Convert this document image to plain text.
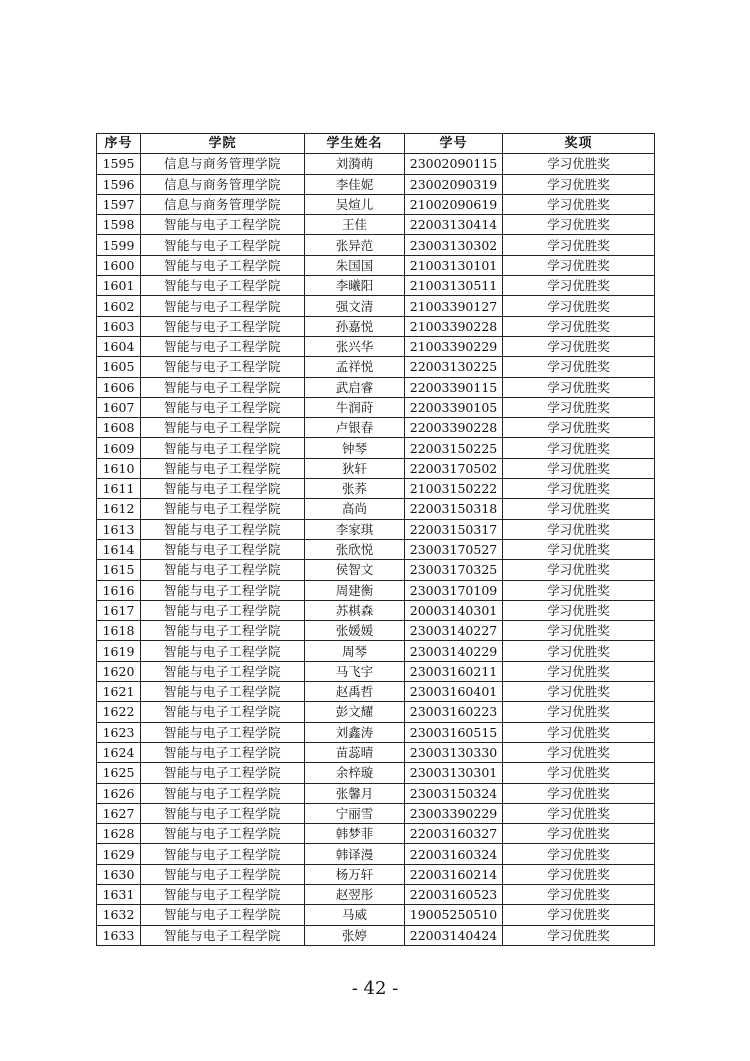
序号	学院	学生姓名	学号	奖项
1595	信息与商务管理学院	刘漪萌	23002090115	学习优胜奖
1596	信息与商务管理学院	李佳妮	23002090319	学习优胜奖
1597	信息与商务管理学院	吴煊儿	21002090619	学习优胜奖
1598	智能与电子工程学院	王佳	22003130414	学习优胜奖
1599	智能与电子工程学院	张异范	23003130302	学习优胜奖
1600	智能与电子工程学院	朱国国	21003130101	学习优胜奖
1601	智能与电子工程学院	李曦阳	21003130511	学习优胜奖
1602	智能与电子工程学院	强文清	21003390127	学习优胜奖
1603	智能与电子工程学院	孙嘉悦	21003390228	学习优胜奖
1604	智能与电子工程学院	张兴华	21003390229	学习优胜奖
1605	智能与电子工程学院	孟祥悦	22003130225	学习优胜奖
1606	智能与电子工程学院	武启睿	22003390115	学习优胜奖
1607	智能与电子工程学院	牛润莳	22003390105	学习优胜奖
1608	智能与电子工程学院	卢银春	22003390228	学习优胜奖
1609	智能与电子工程学院	钟琴	22003150225	学习优胜奖
1610	智能与电子工程学院	狄轩	22003170502	学习优胜奖
1611	智能与电子工程学院	张荞	21003150222	学习优胜奖
1612	智能与电子工程学院	高尚	22003150318	学习优胜奖
1613	智能与电子工程学院	李家琪	22003150317	学习优胜奖
1614	智能与电子工程学院	张欣悦	23003170527	学习优胜奖
1615	智能与电子工程学院	侯智文	23003170325	学习优胜奖
1616	智能与电子工程学院	周建衡	23003170109	学习优胜奖
1617	智能与电子工程学院	苏棋森	20003140301	学习优胜奖
1618	智能与电子工程学院	张媛媛	23003140227	学习优胜奖
1619	智能与电子工程学院	周琴	23003140229	学习优胜奖
1620	智能与电子工程学院	马飞宇	23003160211	学习优胜奖
1621	智能与电子工程学院	赵禹哲	23003160401	学习优胜奖
1622	智能与电子工程学院	彭文耀	23003160223	学习优胜奖
1623	智能与电子工程学院	刘鑫涛	23003160515	学习优胜奖
1624	智能与电子工程学院	苗蕊晴	23003130330	学习优胜奖
1625	智能与电子工程学院	余梓璇	23003130301	学习优胜奖
1626	智能与电子工程学院	张馨月	23003150324	学习优胜奖
1627	智能与电子工程学院	宁丽雪	23003390229	学习优胜奖
1628	智能与电子工程学院	韩梦菲	22003160327	学习优胜奖
1629	智能与电子工程学院	韩译漫	22003160324	学习优胜奖
1630	智能与电子工程学院	杨万轩	22003160214	学习优胜奖
1631	智能与电子工程学院	赵翌彤	22003160523	学习优胜奖
1632	智能与电子工程学院	马威	19005250510	学习优胜奖
1633	智能与电子工程学院	张婷	22003140424	学习优胜奖
- 42 -
